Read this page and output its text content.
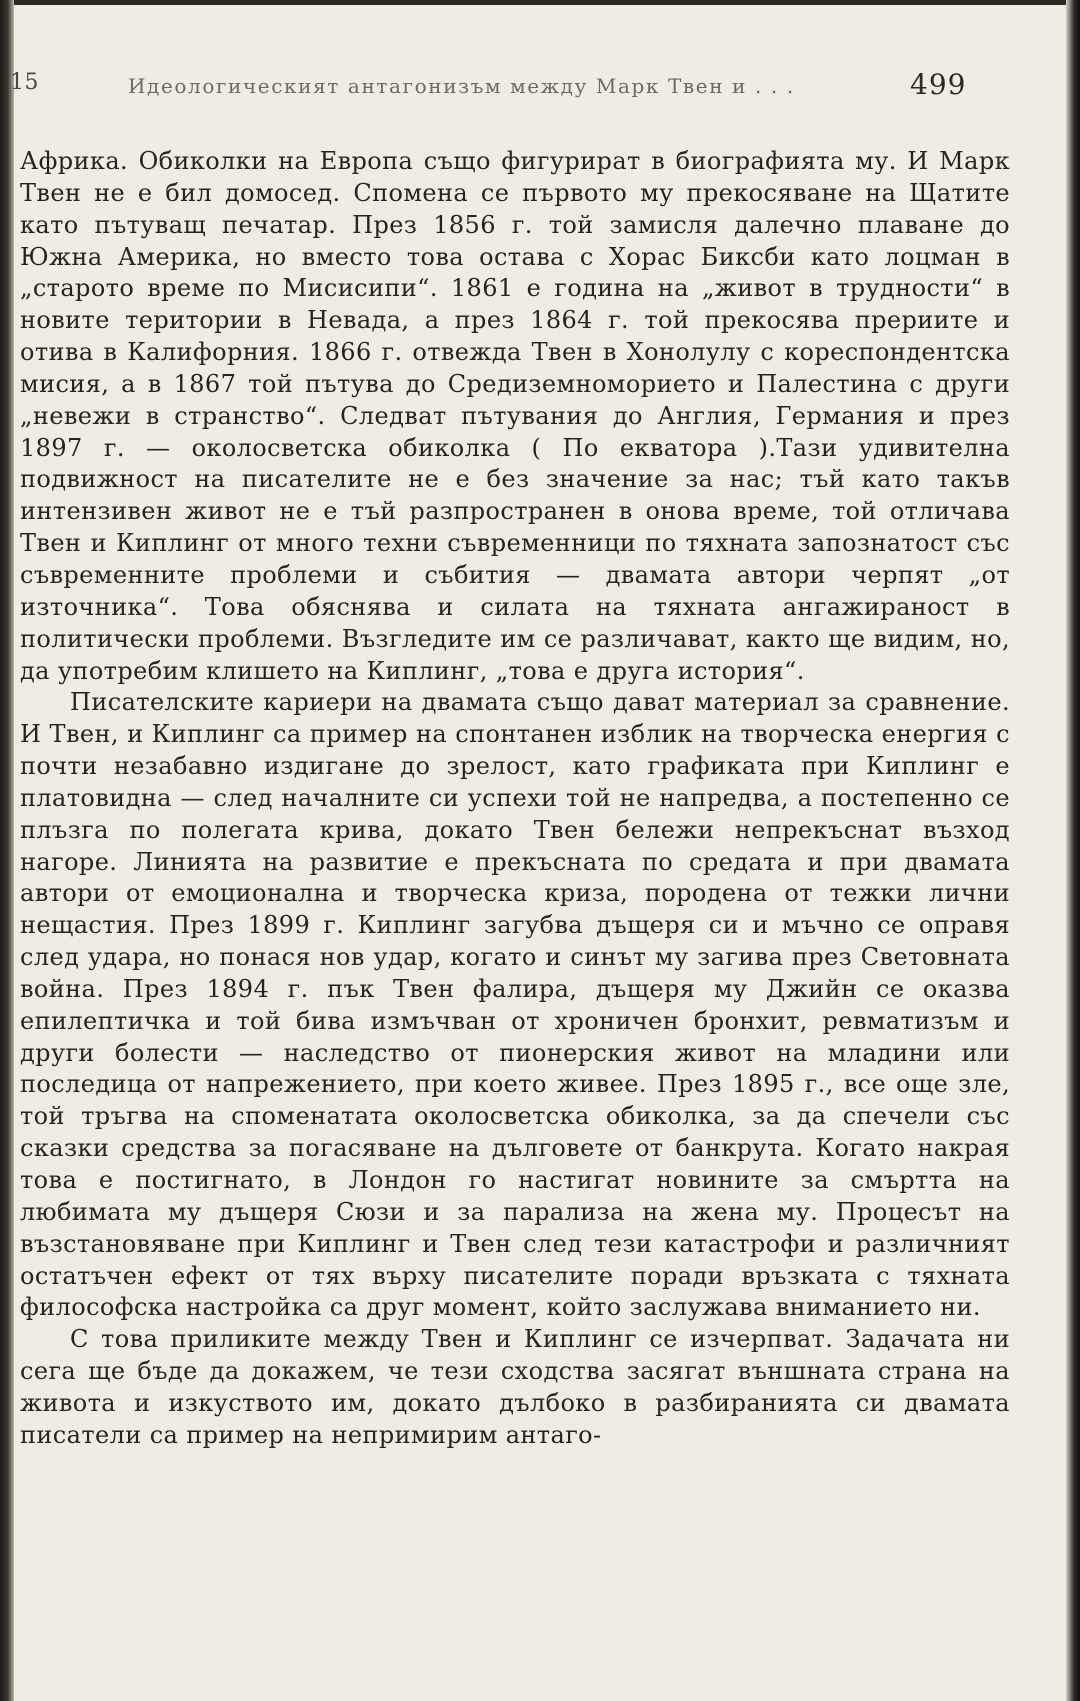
15	Идеологическият антагонизъм между Марк Твен и . . .	499

Африка. Обиколки на Европа също фигурират в биографията му. И Марк Твен не е бил домосед. Спомена се първото му прекосяване на Щатите като пътуващ печатар. През 1856 г. той замисля далечно плаване до Южна Америка, но вместо това остава с Хорас Биксби като лоцман в „старото време по Мисисипи“. 1861 е година на „живот в трудности“ в новите територии в Невада, а през 1864 г. той прекосява прериите и отива в Калифорния. 1866 г. отвежда Твен в Хонолулу с кореспондентска мисия, а в 1867 той пътува до Средиземноморието и Палестина с други „невежи в странство“. Следват пътувания до Англия, Германия и през 1897 г. — околосветска обиколка ( По екватора ).Тази удивителна подвижност на писателите не е без значение за нас; тъй като такъв интензивен живот не е тъй разпространен в онова време, той отличава Твен и Киплинг от много техни съвременници по тяхната запознатост със съвременните проблеми и събития — двамата автори черпят „от източника“. Това обяснява и силата на тяхната ангажираност в политически проблеми. Възгледите им се различават, както ще видим, но, да употребим клишето на Киплинг, „това е друга история“.

Писателските кариери на двамата също дават материал за сравнение. И Твен, и Киплинг са пример на спонтанен изблик на творческа енергия с почти незабавно издигане до зрелост, като графиката при Киплинг е платовидна — след началните си успехи той не напредва, а постепенно се плъзга по полегата крива, докато Твен бележи непрекъснат възход нагоре. Линията на развитие е прекъсната по средата и при двамата автори от емоционална и творческа криза, породена от тежки лични нещастия. През 1899 г. Киплинг загубва дъщеря си и мъчно се оправя след удара, но понася нов удар, когато и синът му загива през Световната война. През 1894 г. пък Твен фалира, дъщеря му Джийн се оказва епилептичка и той бива измъчван от хроничен бронхит, ревматизъм и други болести — наследство от пионерския живот на младини или последица от напрежението, при което живее. През 1895 г., все още зле, той тръгва на споменатата околосветска обиколка, за да спечели със сказки средства за погасяване на дълговете от банкрута. Когато накрая това е постигнато, в Лондон го настигат новините за смъртта на любимата му дъщеря Сюзи и за парализа на жена му. Процесът на възстановяване при Киплинг и Твен след тези катастрофи и различният остатъчен ефект от тях върху писателите поради връзката с тяхната философска настройка са друг момент, който заслужава вниманието ни.

С това приликите между Твен и Киплинг се изчерпват. Задачата ни сега ще бъде да докажем, че тези сходства засягат външната страна на живота и изкуството им, докато дълбоко в разбиранията си двамата писатели са пример на непримирим антаго-
